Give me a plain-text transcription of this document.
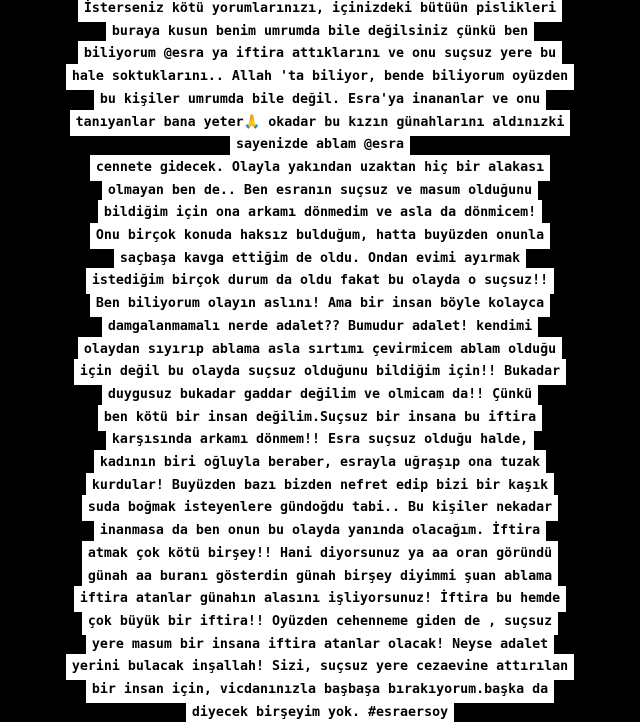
İsterseniz kötü yorumlarınızı, içinizdeki bütüün pislikleri
buraya kusun benim umrumda bile değilsiniz çünkü ben
biliyorum @esra ya iftira attıklarını ve onu suçsuz yere bu
hale soktuklarını.. Allah 'ta biliyor, bende biliyorum oyüzden
bu kişiler umrumda bile değil. Esra'ya inananlar ve onu
tanıyanlar bana yeter🙏 okadar bu kızın günahlarını aldınızki
sayenizde ablam @esra
cennete gidecek. Olayla yakından uzaktan hiç bir alakası
olmayan ben de.. Ben esranın suçsuz ve masum olduğunu
bildiğim için ona arkamı dönmedim ve asla da dönmicem!
Onu birçok konuda haksız bulduğum, hatta buyüzden onunla
saçbaşa kavga ettiğim de oldu. Ondan evimi ayırmak
istediğim birçok durum da oldu fakat bu olayda o suçsuz!!
Ben biliyorum olayın aslını! Ama bir insan böyle kolayca
damgalanmamalı nerde adalet?? Bumudur adalet! kendimi
olaydan sıyırıp ablama asla sırtımı çevirmicem ablam olduğu
için değil bu olayda suçsuz olduğunu bildiğim için!! Bukadar
duygusuz bukadar gaddar değilim ve olmicam da!! Çünkü
ben kötü bir insan değilim.Suçsuz bir insana bu iftira
karşısında arkamı dönmem!! Esra suçsuz olduğu halde,
kadının biri oğluyla beraber, esrayla uğraşıp ona tuzak
kurdular! Buyüzden bazı bizden nefret edip bizi bir kaşık
suda boğmak isteyenlere gündoğdu tabi.. Bu kişiler nekadar
inanmasa da ben onun bu olayda yanında olacağım. İftira
atmak çok kötü birşey!! Hani diyorsunuz ya aa oran göründü
günah aa buranı gösterdin günah birşey diyimmi şuan ablama
iftira atanlar günahın alasını işliyorsunuz! İftira bu hemde
çok büyük bir iftira!! Oyüzden cehenneme giden de , suçsuz
yere masum bir insana iftira atanlar olacak! Neyse adalet
yerini bulacak inşallah! Sizi, suçsuz yere cezaevine attırılan
bir insan için, vicdanınızla başbaşa bırakıyorum.başka da
diyecek birşeyim yok. #esraersoy
